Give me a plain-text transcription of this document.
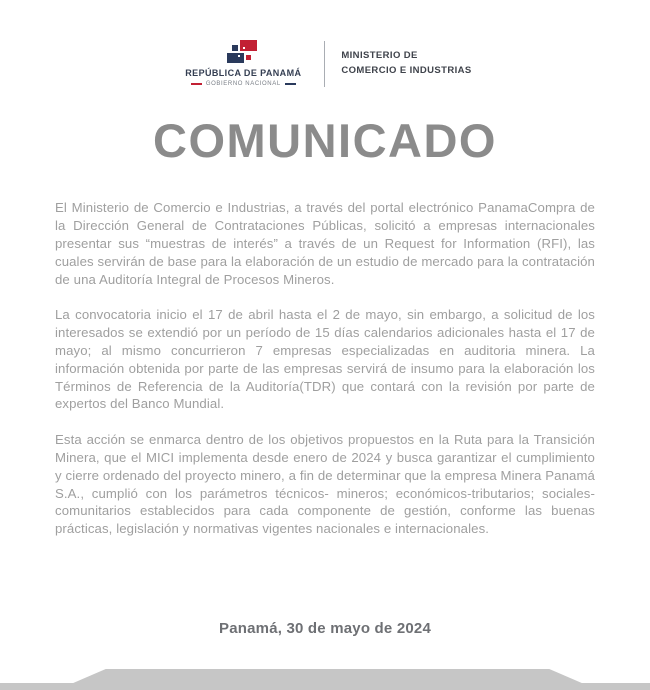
REPÚBLICA DE PANAMÁ
GOBIERNO NACIONAL
MINISTERIO DE
COMERCIO E INDUSTRIAS
COMUNICADO

El Ministerio de Comercio e Industrias, a través del portal electrónico PanamaCompra de la Dirección General de Contrataciones Públicas, solicitó a empresas internacionales presentar sus “muestras de interés” a través de un Request for Information (RFI), las cuales servirán de base para la elaboración de un estudio de mercado para la contratación de una Auditoría Integral de Procesos Mineros.

La convocatoria inicio el 17 de abril hasta el 2 de mayo, sin embargo, a solicitud de los interesados se extendió por un período de 15 días calendarios adicionales hasta el 17 de mayo; al mismo concurrieron 7 empresas especializadas en auditoria minera. La información obtenida por parte de las empresas servirá de insumo para la elaboración los Términos de Referencia de la Auditoría(TDR) que contará con la revisión por parte de expertos del Banco Mundial.

Esta acción se enmarca dentro de los objetivos propuestos en la Ruta para la Transición Minera, que el MICI implementa desde enero de 2024 y busca garantizar el cumplimiento y cierre ordenado del proyecto minero, a fin de determinar que la empresa Minera Panamá S.A., cumplió con los parámetros técnicos- mineros; económicos-tributarios; sociales-comunitarios establecidos para cada componente de gestión, conforme las buenas prácticas, legislación y normativas vigentes nacionales e internacionales.

Panamá, 30 de mayo de 2024
